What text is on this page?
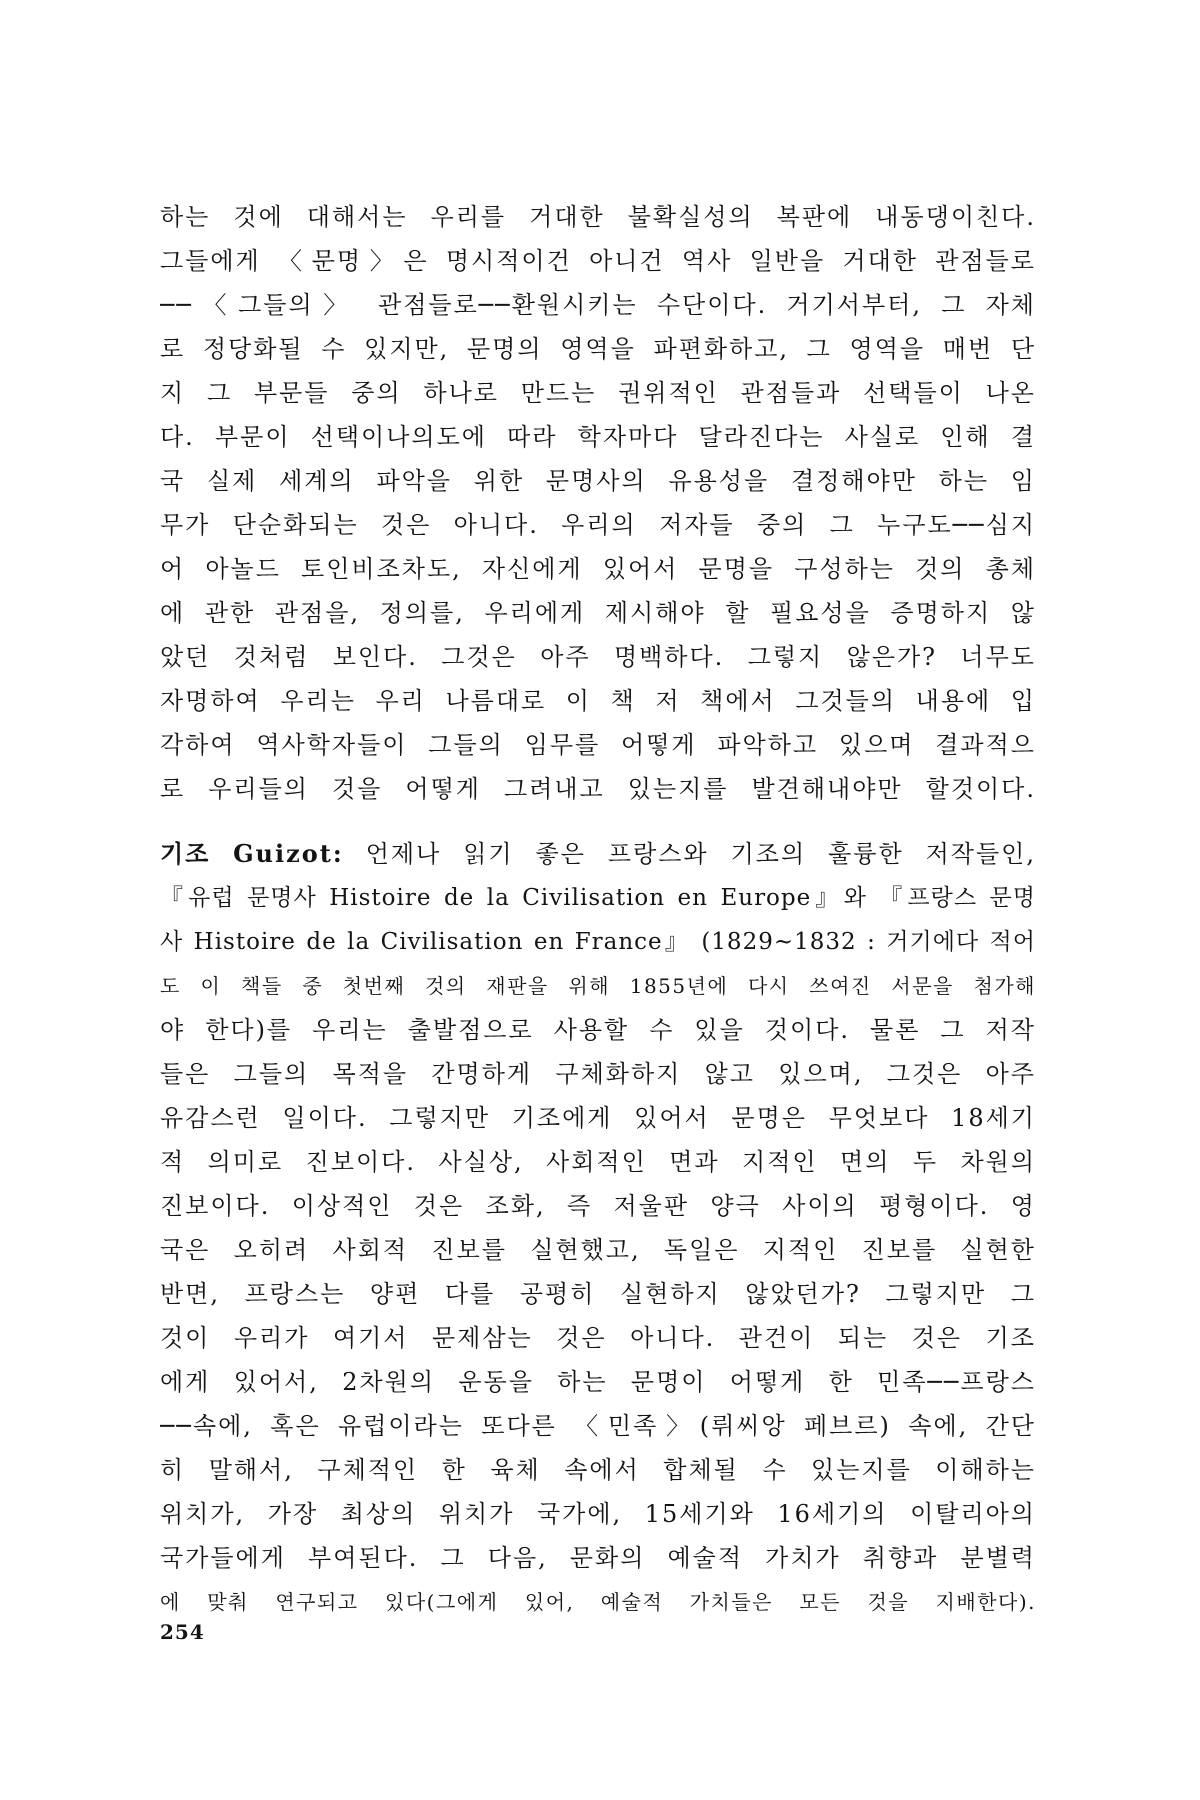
하는 것에 대해서는 우리를 거대한 불확실성의 복판에 내동댕이친다.
그들에게 〈문명〉은 명시적이건 아니건 역사 일반을 거대한 관점들로
──〈그들의〉 관점들로──환원시키는 수단이다. 거기서부터, 그 자체
로 정당화될 수 있지만, 문명의 영역을 파편화하고, 그 영역을 매번 단
지 그 부문들 중의 하나로 만드는 권위적인 관점들과 선택들이 나온
다. 부문이 선택이나의도에 따라 학자마다 달라진다는 사실로 인해 결
국 실제 세계의 파악을 위한 문명사의 유용성을 결정해야만 하는 임
무가 단순화되는 것은 아니다. 우리의 저자들 중의 그 누구도──심지
어 아놀드 토인비조차도, 자신에게 있어서 문명을 구성하는 것의 총체
에 관한 관점을, 정의를, 우리에게 제시해야 할 필요성을 증명하지 않
았던 것처럼 보인다. 그것은 아주 명백하다. 그렇지 않은가? 너무도
자명하여 우리는 우리 나름대로 이 책 저 책에서 그것들의 내용에 입
각하여 역사학자들이 그들의 임무를 어떻게 파악하고 있으며 결과적으
로 우리들의 것을 어떻게 그려내고 있는지를 발견해내야만 할것이다.
기조 Guizot: 언제나 읽기 좋은 프랑스와 기조의 훌륭한 저작들인,
『유럽 문명사 Histoire de la Civilisation en Europe』와 『프랑스 문명
사 Histoire de la Civilisation en France』 (1829~1832 : 거기에다 적어
도 이 책들 중 첫번째 것의 재판을 위해 1855년에 다시 쓰여진 서문을 첨가해
야 한다)를 우리는 출발점으로 사용할 수 있을 것이다. 물론 그 저작
들은 그들의 목적을 간명하게 구체화하지 않고 있으며, 그것은 아주
유감스런 일이다. 그렇지만 기조에게 있어서 문명은 무엇보다 18세기
적 의미로 진보이다. 사실상, 사회적인 면과 지적인 면의 두 차원의
진보이다. 이상적인 것은 조화, 즉 저울판 양극 사이의 평형이다. 영
국은 오히려 사회적 진보를 실현했고, 독일은 지적인 진보를 실현한
반면, 프랑스는 양편 다를 공평히 실현하지 않았던가? 그렇지만 그
것이 우리가 여기서 문제삼는 것은 아니다. 관건이 되는 것은 기조
에게 있어서, 2차원의 운동을 하는 문명이 어떻게 한 민족──프랑스
──속에, 혹은 유럽이라는 또다른 〈민족〉(뤼씨앙 페브르) 속에, 간단
히 말해서, 구체적인 한 육체 속에서 합체될 수 있는지를 이해하는
위치가, 가장 최상의 위치가 국가에, 15세기와 16세기의 이탈리아의
국가들에게 부여된다. 그 다음, 문화의 예술적 가치가 취향과 분별력
에 맞춰 연구되고 있다(그에게 있어, 예술적 가치들은 모든 것을 지배한다).
254
